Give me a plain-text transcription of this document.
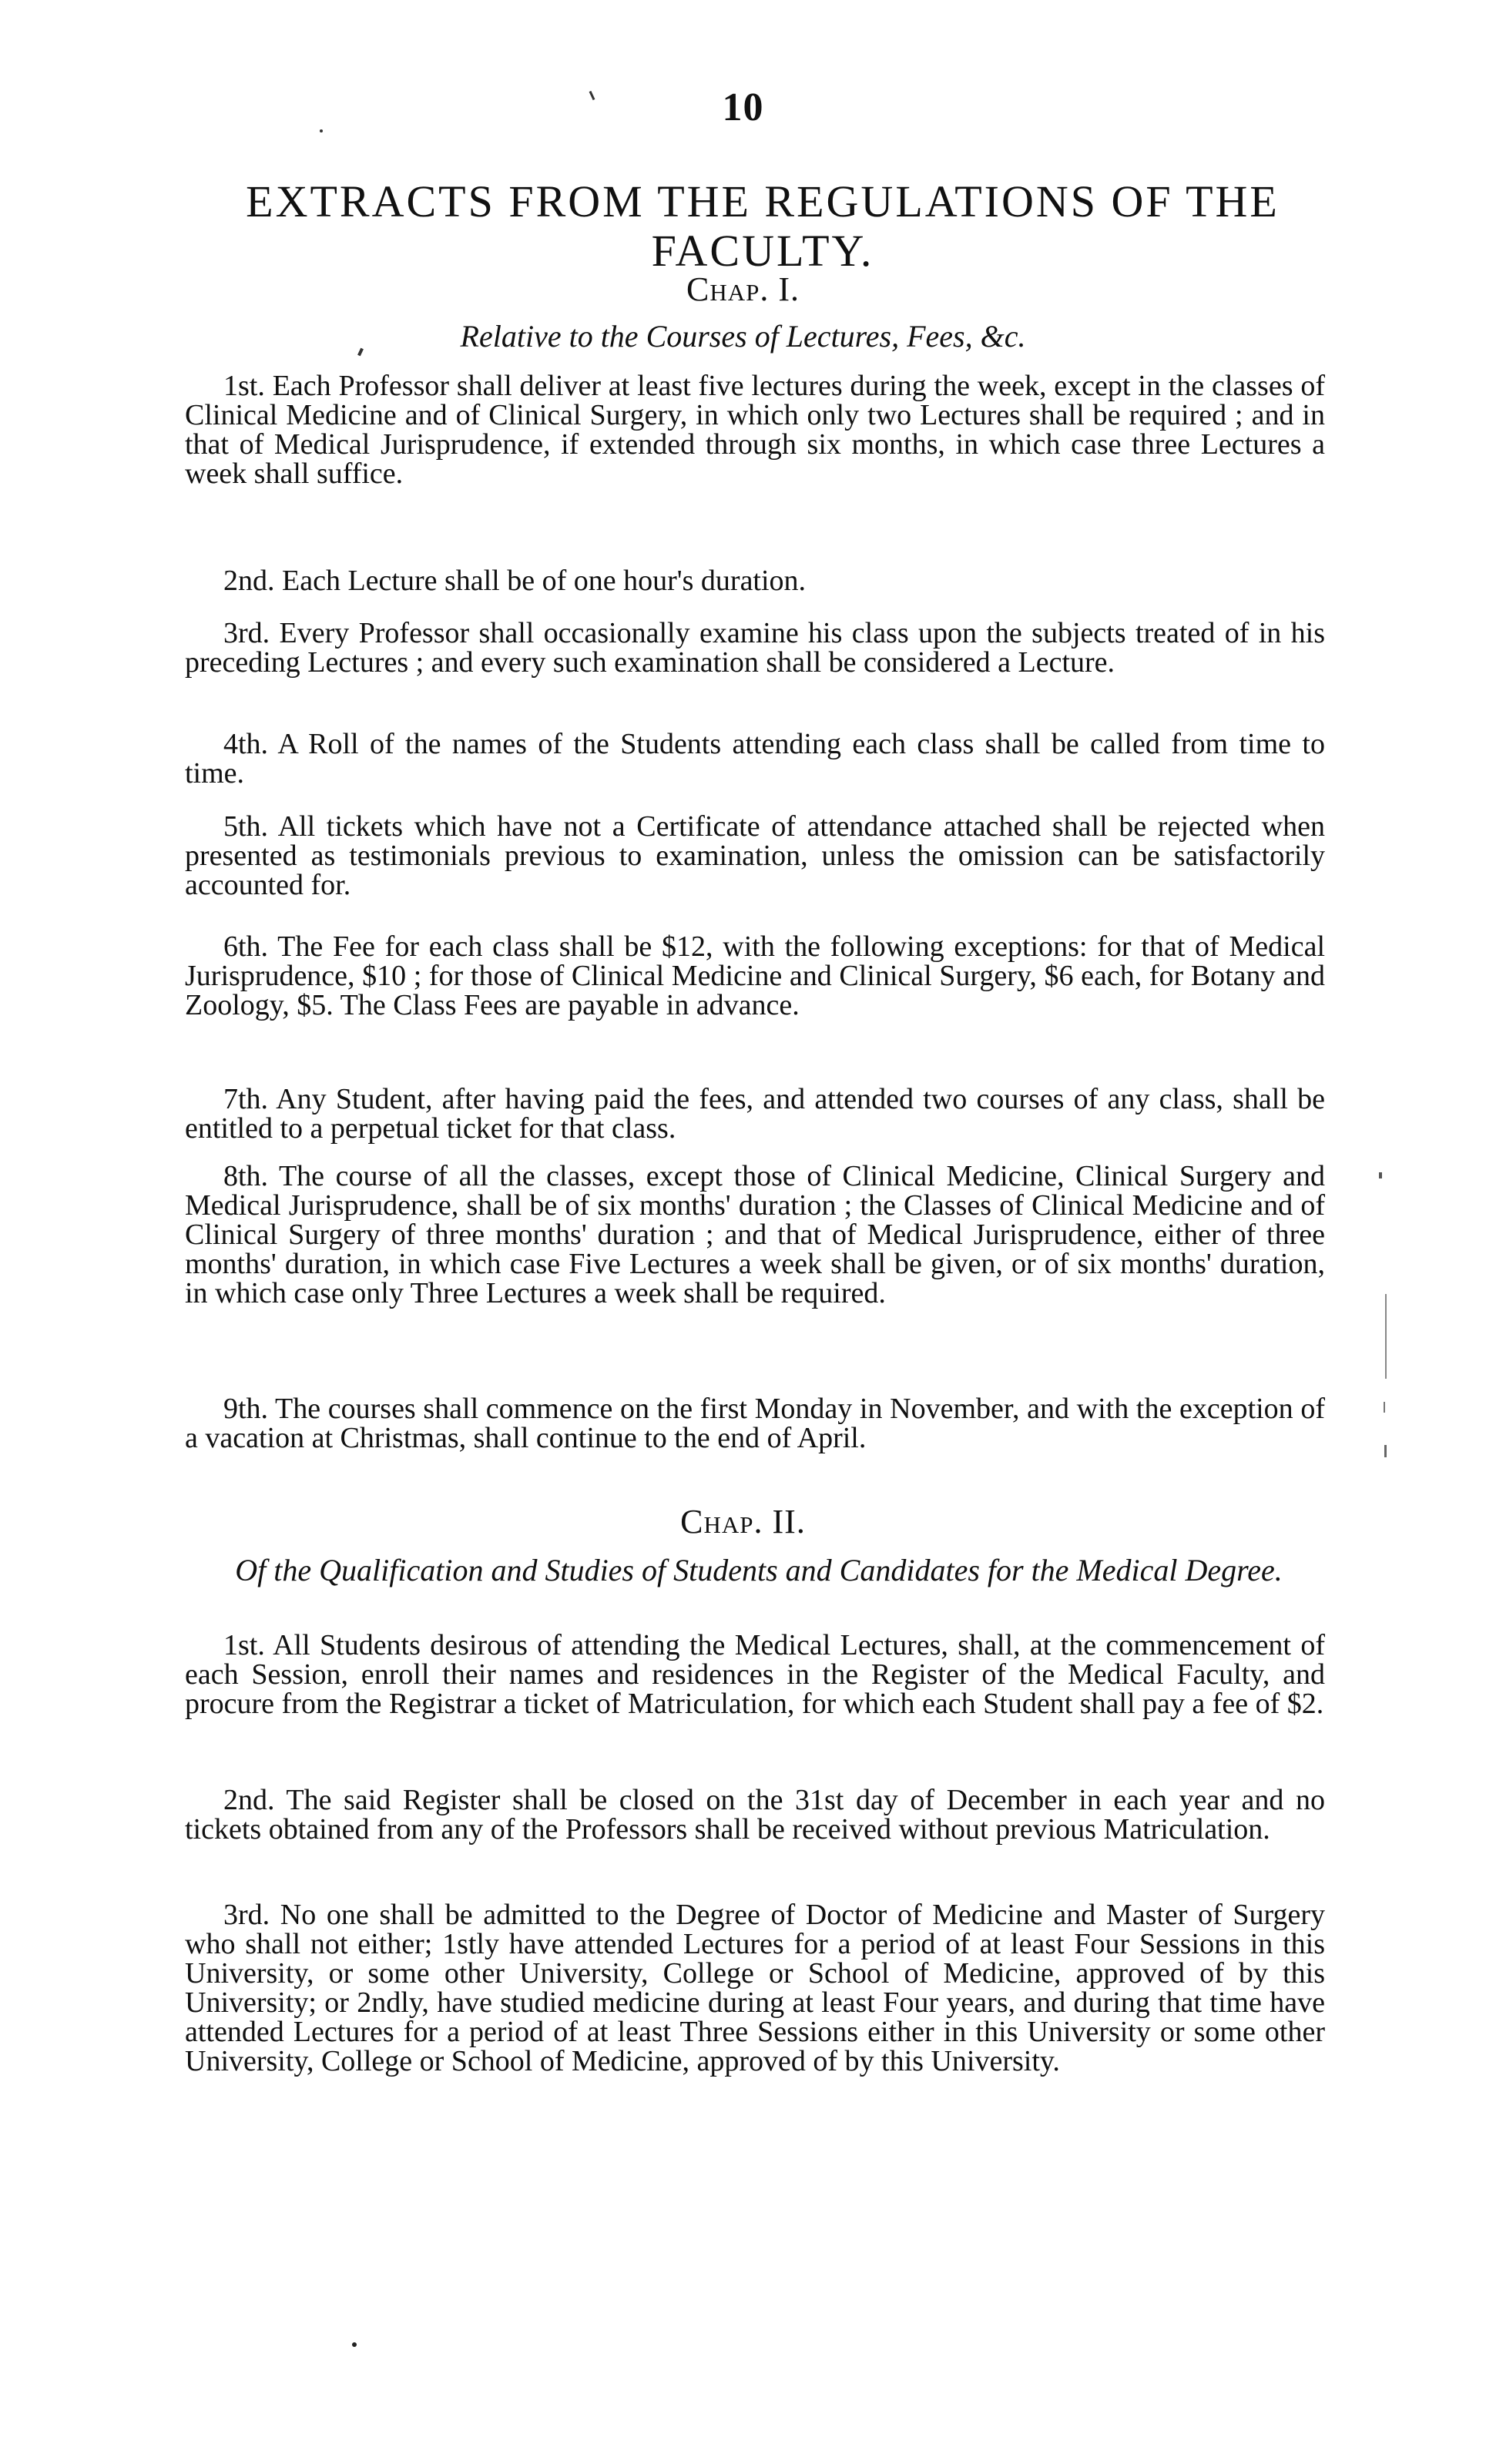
10
EXTRACTS FROM THE REGULATIONS OF THE
FACULTY.
Chap. I.
Relative to the Courses of Lectures, Fees, &c.
1st. Each Professor shall deliver at least five lectures during the week, except in the classes of Clinical Medicine and of Clinical Surgery, in which only two Lectures shall be required ; and in that of Medical Jurisprudence, if extended through six months, in which case three Lectures a week shall suffice.
2nd. Each Lecture shall be of one hour's duration.
3rd. Every Professor shall occasionally examine his class upon the subjects treated of in his preceding Lectures ; and every such examination shall be considered a Lecture.
4th. A Roll of the names of the Students attending each class shall be called from time to time.
5th. All tickets which have not a Certificate of attendance attached shall be rejected when presented as testimonials previous to examination, unless the omission can be satisfactorily accounted for.
6th. The Fee for each class shall be $12, with the following exceptions: for that of Medical Jurisprudence, $10 ; for those of Clinical Medicine and Clinical Surgery, $6 each, for Botany and Zoology, $5. The Class Fees are payable in advance.
7th. Any Student, after having paid the fees, and attended two courses of any class, shall be entitled to a perpetual ticket for that class.
8th. The course of all the classes, except those of Clinical Medicine, Clinical Surgery and Medical Jurisprudence, shall be of six months' duration ; the Classes of Clinical Medicine and of Clinical Surgery of three months' duration ; and that of Medical Jurisprudence, either of three months' duration, in which case Five Lectures a week shall be given, or of six months' duration, in which case only Three Lectures a week shall be required.
9th. The courses shall commence on the first Monday in November, and with the exception of a vacation at Christmas, shall continue to the end of April.
Chap. II.
Of the Qualification and Studies of Students and Candidates for the Medical Degree.
1st. All Students desirous of attending the Medical Lectures, shall, at the commencement of each Session, enroll their names and residences in the Register of the Medical Faculty, and procure from the Registrar a ticket of Matriculation, for which each Student shall pay a fee of $2.
2nd. The said Register shall be closed on the 31st day of December in each year and no tickets obtained from any of the Professors shall be received without previous Matriculation.
3rd. No one shall be admitted to the Degree of Doctor of Medicine and Master of Surgery who shall not either; 1stly have attended Lectures for a period of at least Four Sessions in this University, or some other University, College or School of Medicine, approved of by this University; or 2ndly, have studied medicine during at least Four years, and during that time have attended Lectures for a period of at least Three Sessions either in this University or some other University, College or School of Medicine, approved of by this University.
